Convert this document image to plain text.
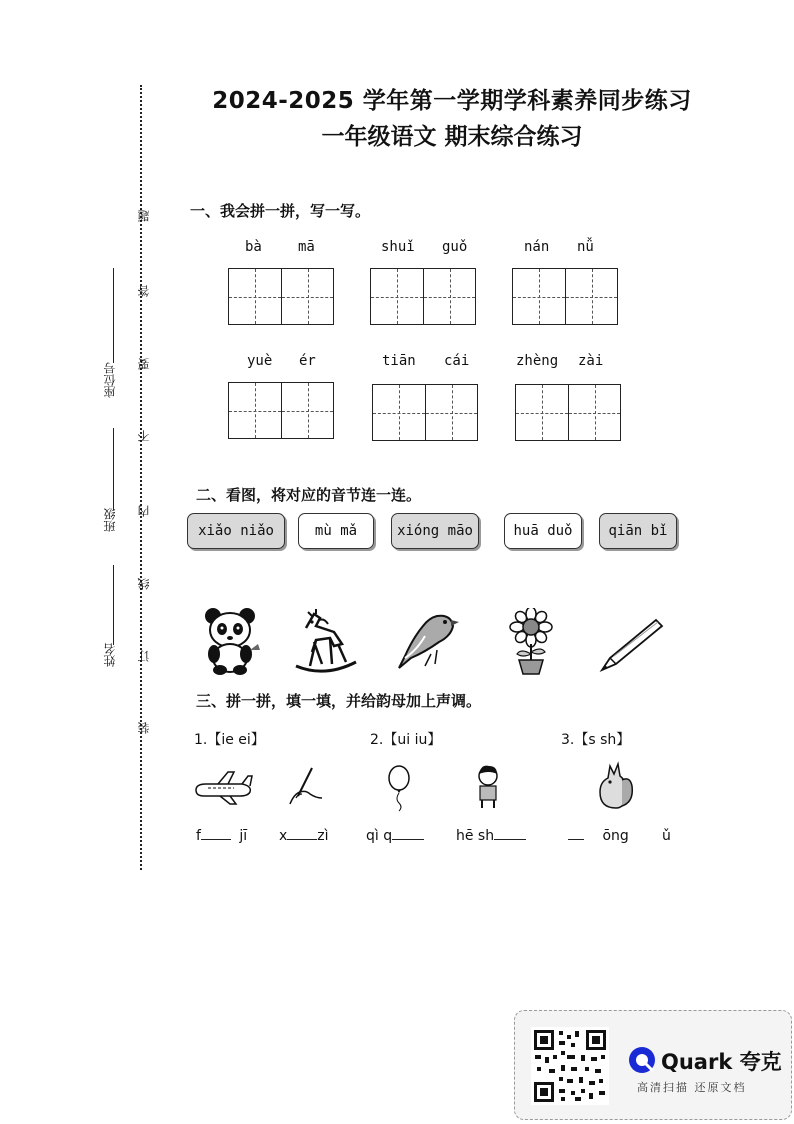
题
答
要
不
内
线
订
装
座位号
班级
姓名
2024-2025 学年第一学期学科素养同步练习
一年级语文 期末综合练习
一、我会拼一拼，写一写。
bà	mā	shuǐ guǒ	nán nǚ
yuè ér	tiān cái	zhèng zài
二、看图，将对应的音节连一连。
xiǎo niǎo	mù mǎ	xióng māo	huā duǒ	qiān bǐ
三、拼一拼，填一填，并给韵母加上声调。
1.【ie ei】	2.【ui iu】	3.【s sh】
f	jī x zì	qì q	hē sh	ōng ǔ
Quark 夸克
高清扫描 还原文档
